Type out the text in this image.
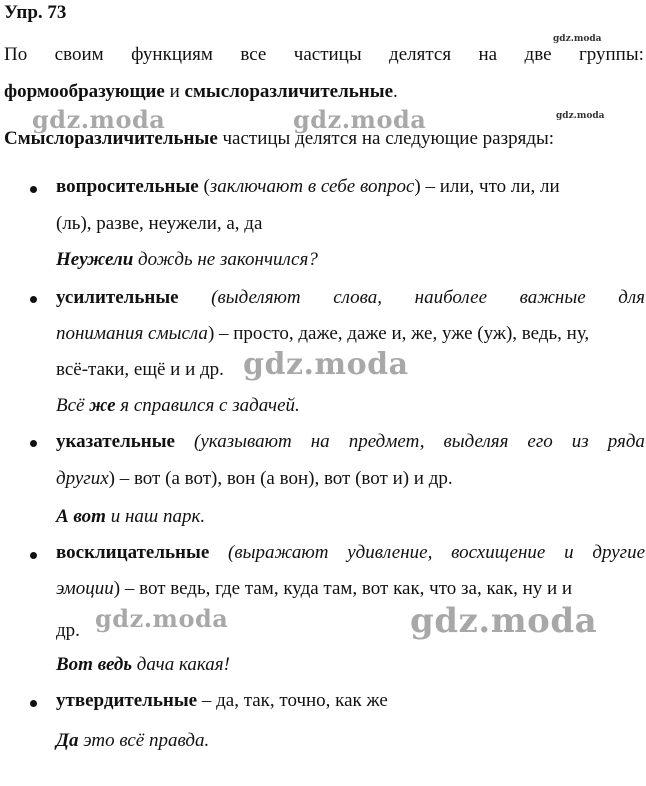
Упр. 73
По своим функциям все частицы делятся на две группы:
формообразующие и смыслоразличительные.
Смыслоразличительные частицы делятся на следующие разряды:
вопросительные (заключают в себе вопрос) – или, что ли, ли
(ль), разве, неужели, а, да
Неужели дождь не закончился?
усилительные (выделяют слова, наиболее важные для
понимания смысла) – просто, даже, даже и, же, уже (уж), ведь, ну,
всё-таки, ещё и и др.
Всё же я справился с задачей.
указательные (указывают на предмет, выделяя его из ряда
других) – вот (а вот), вон (а вон), вот (вот и) и др.
А вот и наш парк.
восклицательные (выражают удивление, восхищение и другие
эмоции) – вот ведь, где там, куда там, вот как, что за, как, ну и и
др.
Вот ведь дача какая!
утвердительные – да, так, точно, как же
Да это всё правда.
gdz.moda
gdz.moda
gdz.moda	gdz.moda
gdz.moda
gdz.moda	gdz.moda
